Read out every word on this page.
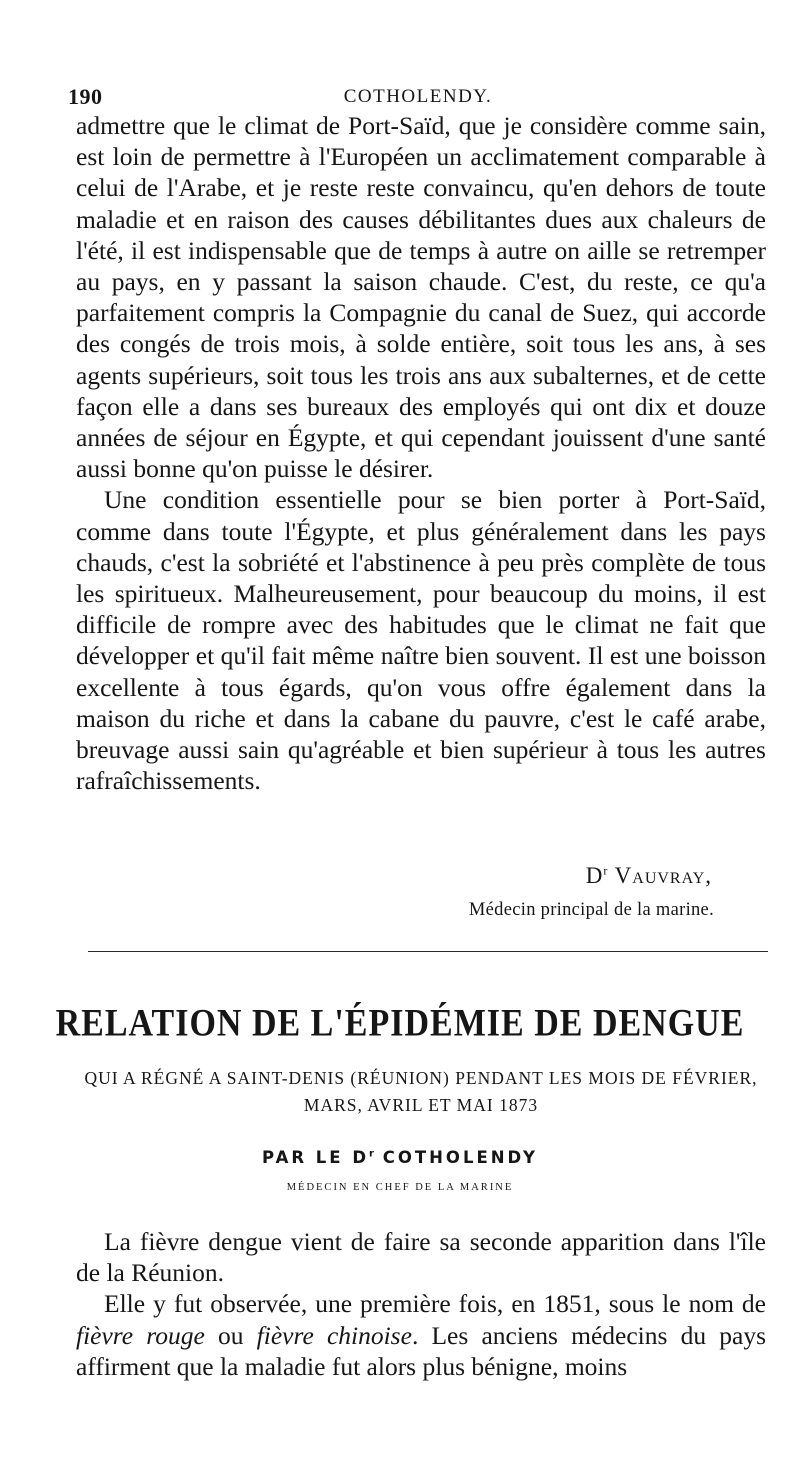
190	COTHOLENDY.

admettre que le climat de Port-Saïd, que je considère comme sain, est loin de permettre à l'Européen un acclimatement comparable à celui de l'Arabe, et je reste reste convaincu, qu'en dehors de toute maladie et en raison des causes débilitantes dues aux chaleurs de l'été, il est indispensable que de temps à autre on aille se retremper au pays, en y passant la saison chaude. C'est, du reste, ce qu'a parfaitement compris la Compagnie du canal de Suez, qui accorde des congés de trois mois, à solde entière, soit tous les ans, à ses agents supérieurs, soit tous les trois ans aux subalternes, et de cette façon elle a dans ses bureaux des employés qui ont dix et douze années de séjour en Égypte, et qui cependant jouissent d'une santé aussi bonne qu'on puisse le désirer.

Une condition essentielle pour se bien porter à Port-Saïd, comme dans toute l'Égypte, et plus généralement dans les pays chauds, c'est la sobriété et l'abstinence à peu près complète de tous les spiritueux. Malheureusement, pour beaucoup du moins, il est difficile de rompre avec des habitudes que le climat ne fait que développer et qu'il fait même naître bien souvent. Il est une boisson excellente à tous égards, qu'on vous offre également dans la maison du riche et dans la cabane du pauvre, c'est le café arabe, breuvage aussi sain qu'agréable et bien supérieur à tous les autres rafraîchissements.

$D^r$ Vauvray,
Médecin principal de la marine.
RELATION DE L'ÉPIDÉMIE DE DENGUE
QUI A RÉGNÉ A SAINT-DENIS (RÉUNION) PENDANT LES MOIS DE FÉVRIER, MARS, AVRIL ET MAI 1873
PAR LE $D^r$ COTHOLENDY
MÉDECIN EN CHEF DE LA MARINE

La fièvre dengue vient de faire sa seconde apparition dans l'île de la Réunion.

Elle y fut observée, une première fois, en 1851, sous le nom de fièvre rouge ou fièvre chinoise. Les anciens médecins du pays affirment que la maladie fut alors plus bénigne, moins
